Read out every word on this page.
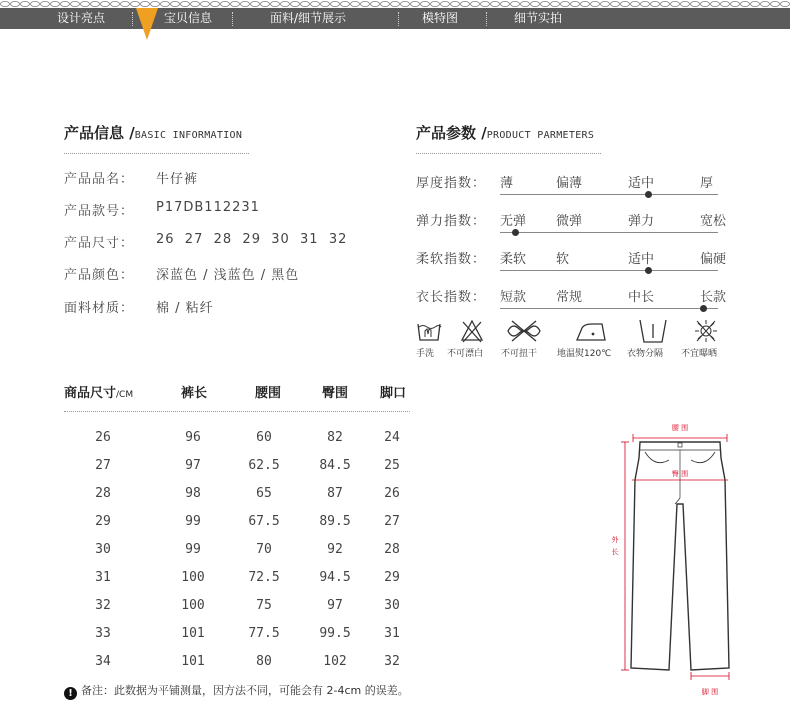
设计亮点	宝贝信息	面料/细节展示	模特图	细节实拍
产品信息 /BASIC INFORMATION
产品品名： 牛仔裤
产品款号： P17DB112231
产品尺寸： 26  27  28  29  30  31  32
产品颜色： 深蓝色 / 浅蓝色 / 黑色
面料材质： 棉 / 粘纤
产品参数 /PRODUCT PARMETERS
厚度指数： 薄	偏薄	适中	厚
弹力指数： 无弹 微弹	弹力	宽松
柔软指数： 柔软 软	适中	偏硬
衣长指数： 短款 常规	中长	长款
手洗 不可漂白 不可扭干 地温熨120℃ 衣物分隔 不宜曝晒
商品尺寸/CM	裤长	腰围	臀围 脚口
26	96	60	82	24
27	97	62.5	84.5	25
28	98	65	87	26
29	99	67.5	89.5	27
30	99	70	92	28
31	100	72.5	94.5	29
32	100	75	97	30
33	101	77.5	99.5	31
34	101	80	102	32
! 备注：此数据为平铺测量，因方法不同，可能会有 2-4cm 的误差。
腰 围
臀 围
外
长
脚 围
